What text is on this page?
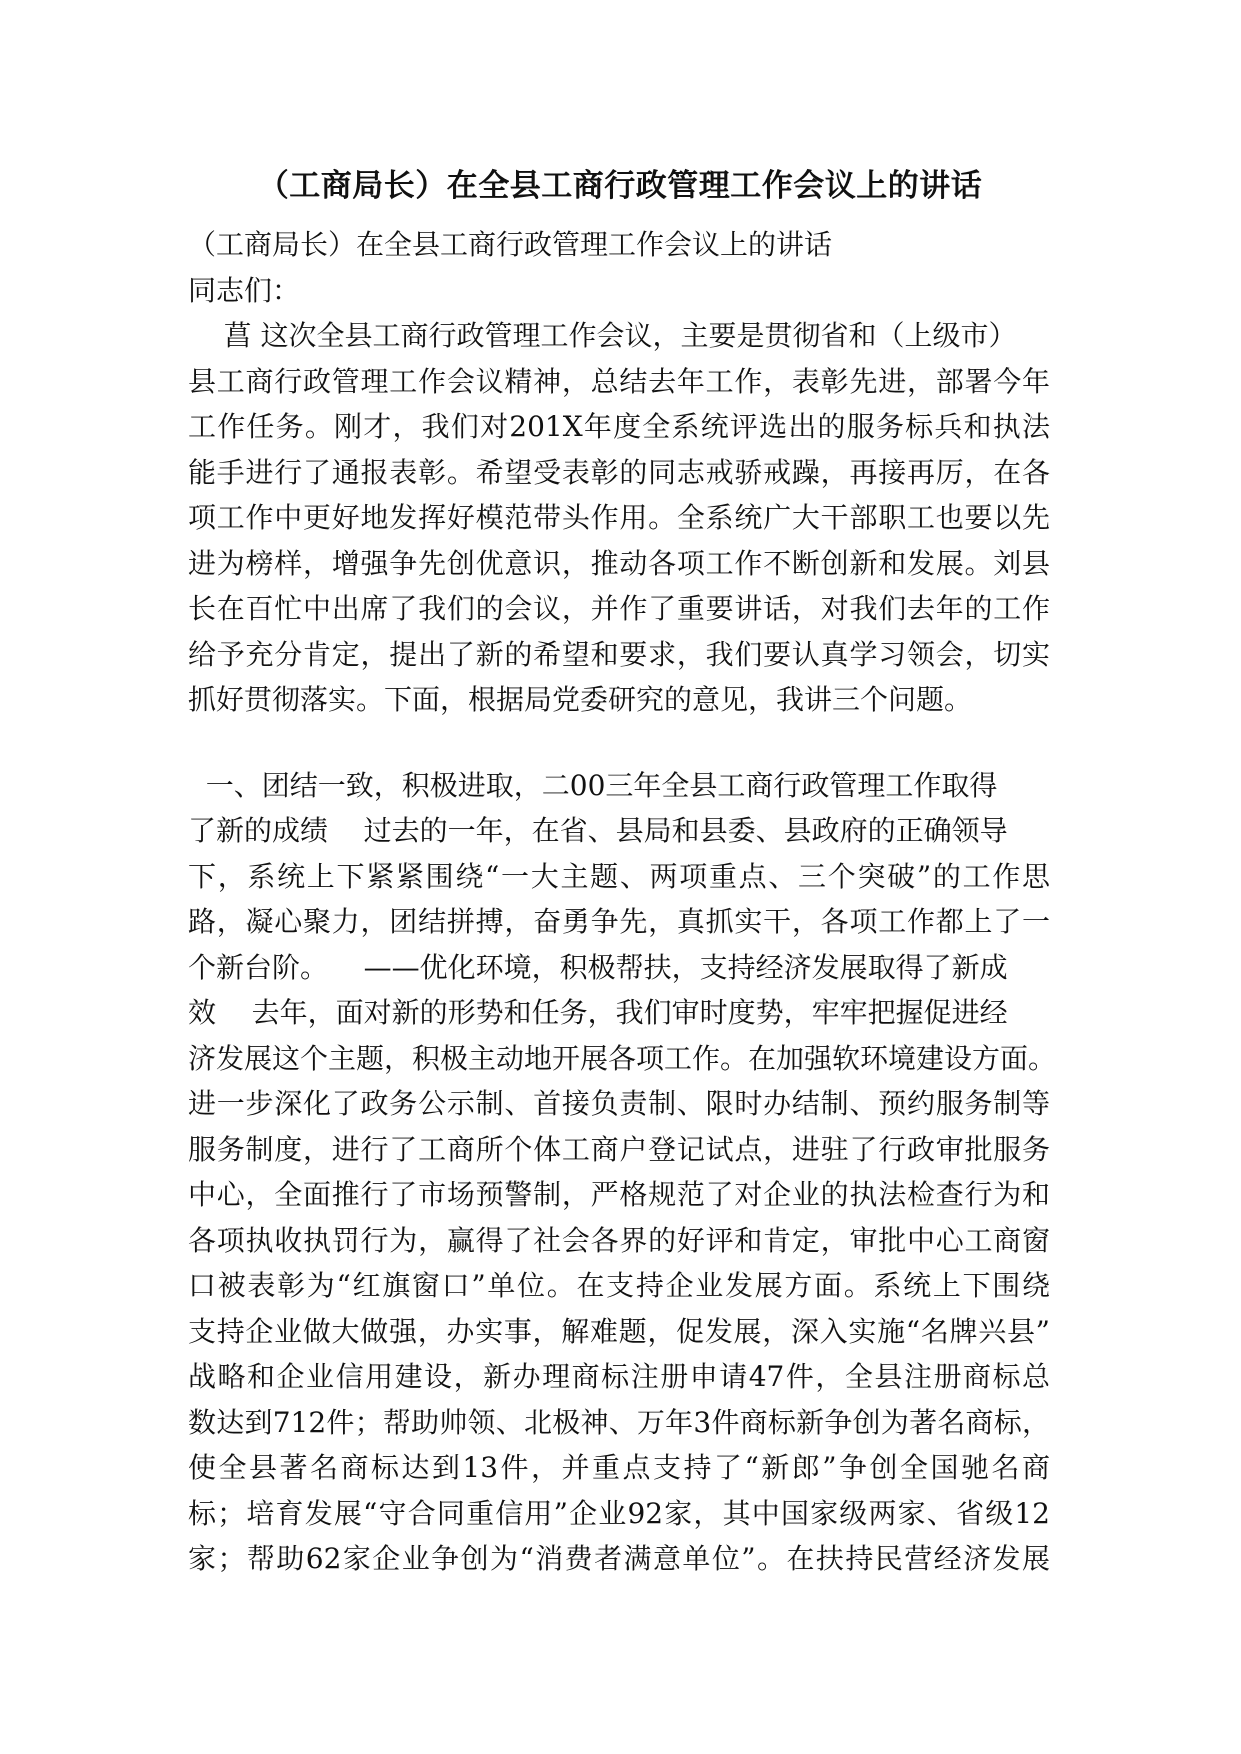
（工商局长）在全县工商行政管理工作会议上的讲话
（工商局长）在全县工商行政管理工作会议上的讲话
同志们：
菖 这次全县工商行政管理工作会议，主要是贯彻省和（上级市）
县工商行政管理工作会议精神，总结去年工作，表彰先进，部署今年
工作任务。刚才，我们对201X年度全系统评选出的服务标兵和执法
能手进行了通报表彰。希望受表彰的同志戒骄戒躁，再接再厉，在各
项工作中更好地发挥好模范带头作用。全系统广大干部职工也要以先
进为榜样，增强争先创优意识，推动各项工作不断创新和发展。刘县
长在百忙中出席了我们的会议，并作了重要讲话，对我们去年的工作
给予充分肯定，提出了新的希望和要求，我们要认真学习领会，切实
抓好贯彻落实。下面，根据局党委研究的意见，我讲三个问题。
一、团结一致，积极进取，二00三年全县工商行政管理工作取得
了新的成绩    过去的一年，在省、县局和县委、县政府的正确领导
下，系统上下紧紧围绕“一大主题、两项重点、三个突破”的工作思
路，凝心聚力，团结拼搏，奋勇争先，真抓实干，各项工作都上了一
个新台阶。    ——优化环境，积极帮扶，支持经济发展取得了新成
效    去年，面对新的形势和任务，我们审时度势，牢牢把握促进经
济发展这个主题，积极主动地开展各项工作。在加强软环境建设方面。
进一步深化了政务公示制、首接负责制、限时办结制、预约服务制等
服务制度，进行了工商所个体工商户登记试点，进驻了行政审批服务
中心，全面推行了市场预警制，严格规范了对企业的执法检查行为和
各项执收执罚行为，赢得了社会各界的好评和肯定，审批中心工商窗
口被表彰为“红旗窗口”单位。在支持企业发展方面。系统上下围绕
支持企业做大做强，办实事，解难题，促发展，深入实施“名牌兴县”
战略和企业信用建设，新办理商标注册申请47件，全县注册商标总
数达到712件；帮助帅领、北极神、万年3件商标新争创为著名商标，
使全县著名商标达到13件，并重点支持了“新郎”争创全国驰名商
标；培育发展“守合同重信用”企业92家，其中国家级两家、省级12
家；帮助62家企业争创为“消费者满意单位”。在扶持民营经济发展
